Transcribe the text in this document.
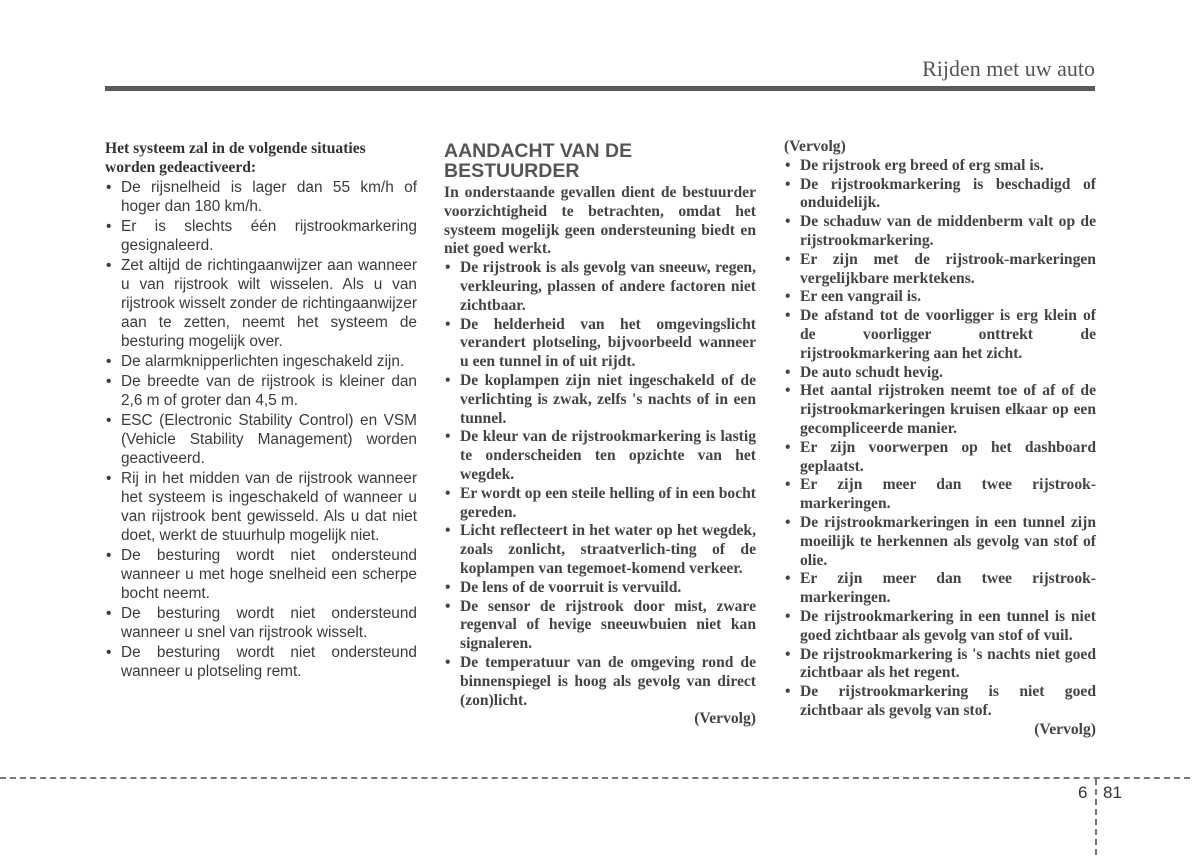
Rijden met uw auto
Het systeem zal in de volgende situaties worden gedeactiveerd:
• De rijsnelheid is lager dan 55 km/h of hoger dan 180 km/h.
• Er is slechts één rijstrookmarkering gesignaleerd.
• Zet altijd de richtingaanwijzer aan wanneer u van rijstrook wilt wisselen. Als u van rijstrook wisselt zonder de richtingaanwijzer aan te zetten, neemt het systeem de besturing mogelijk over.
• De alarmknipperlichten ingeschakeld zijn.
• De breedte van de rijstrook is kleiner dan 2,6 m of groter dan 4,5 m.
• ESC (Electronic Stability Control) en VSM (Vehicle Stability Management) worden geactiveerd.
• Rij in het midden van de rijstrook wanneer het systeem is ingeschakeld of wanneer u van rijstrook bent gewisseld. Als u dat niet doet, werkt de stuurhulp mogelijk niet.
• De besturing wordt niet ondersteund wanneer u met hoge snelheid een scherpe bocht neemt.
• De besturing wordt niet ondersteund wanneer u snel van rijstrook wisselt.
• De besturing wordt niet ondersteund wanneer u plotseling remt.
AANDACHT VAN DE BESTUURDER
In onderstaande gevallen dient de bestuurder voorzichtigheid te betrachten, omdat het systeem mogelijk geen ondersteuning biedt en niet goed werkt.
• De rijstrook is als gevolg van sneeuw, regen, verkleuring, plassen of andere factoren niet zichtbaar.
• De helderheid van het omgevingslicht verandert plotseling, bijvoorbeeld wanneer u een tunnel in of uit rijdt.
• De koplampen zijn niet ingeschakeld of de verlichting is zwak, zelfs 's nachts of in een tunnel.
• De kleur van de rijstrookmarkering is lastig te onderscheiden ten opzichte van het wegdek.
• Er wordt op een steile helling of in een bocht gereden.
• Licht reflecteert in het water op het wegdek, zoals zonlicht, straatverlich-ting of de koplampen van tegemoet-komend verkeer.
• De lens of de voorruit is vervuild.
• De sensor de rijstrook door mist, zware regenval of hevige sneeuwbuien niet kan signaleren.
• De temperatuur van de omgeving rond de binnenspiegel is hoog als gevolg van direct (zon)licht.
(Vervolg)
(Vervolg)
• De rijstrook erg breed of erg smal is.
• De rijstrookmarkering is beschadigd of onduidelijk.
• De schaduw van de middenberm valt op de rijstrookmarkering.
• Er zijn met de rijstrook-markeringen vergelijkbare merktekens.
• Er een vangrail is.
• De afstand tot de voorligger is erg klein of de voorligger onttrekt de rijstrookmarkering aan het zicht.
• De auto schudt hevig.
• Het aantal rijstroken neemt toe of af of de rijstrookmarkeringen kruisen elkaar op een gecompliceerde manier.
• Er zijn voorwerpen op het dashboard geplaatst.
• Er zijn meer dan twee rijstrook-markeringen.
• De rijstrookmarkeringen in een tunnel zijn moeilijk te herkennen als gevolg van stof of olie.
• Er zijn meer dan twee rijstrook-markeringen.
• De rijstrookmarkering in een tunnel is niet goed zichtbaar als gevolg van stof of vuil.
• De rijstrookmarkering is 's nachts niet goed zichtbaar als het regent.
• De rijstrookmarkering is niet goed zichtbaar als gevolg van stof.
(Vervolg)
6 81
